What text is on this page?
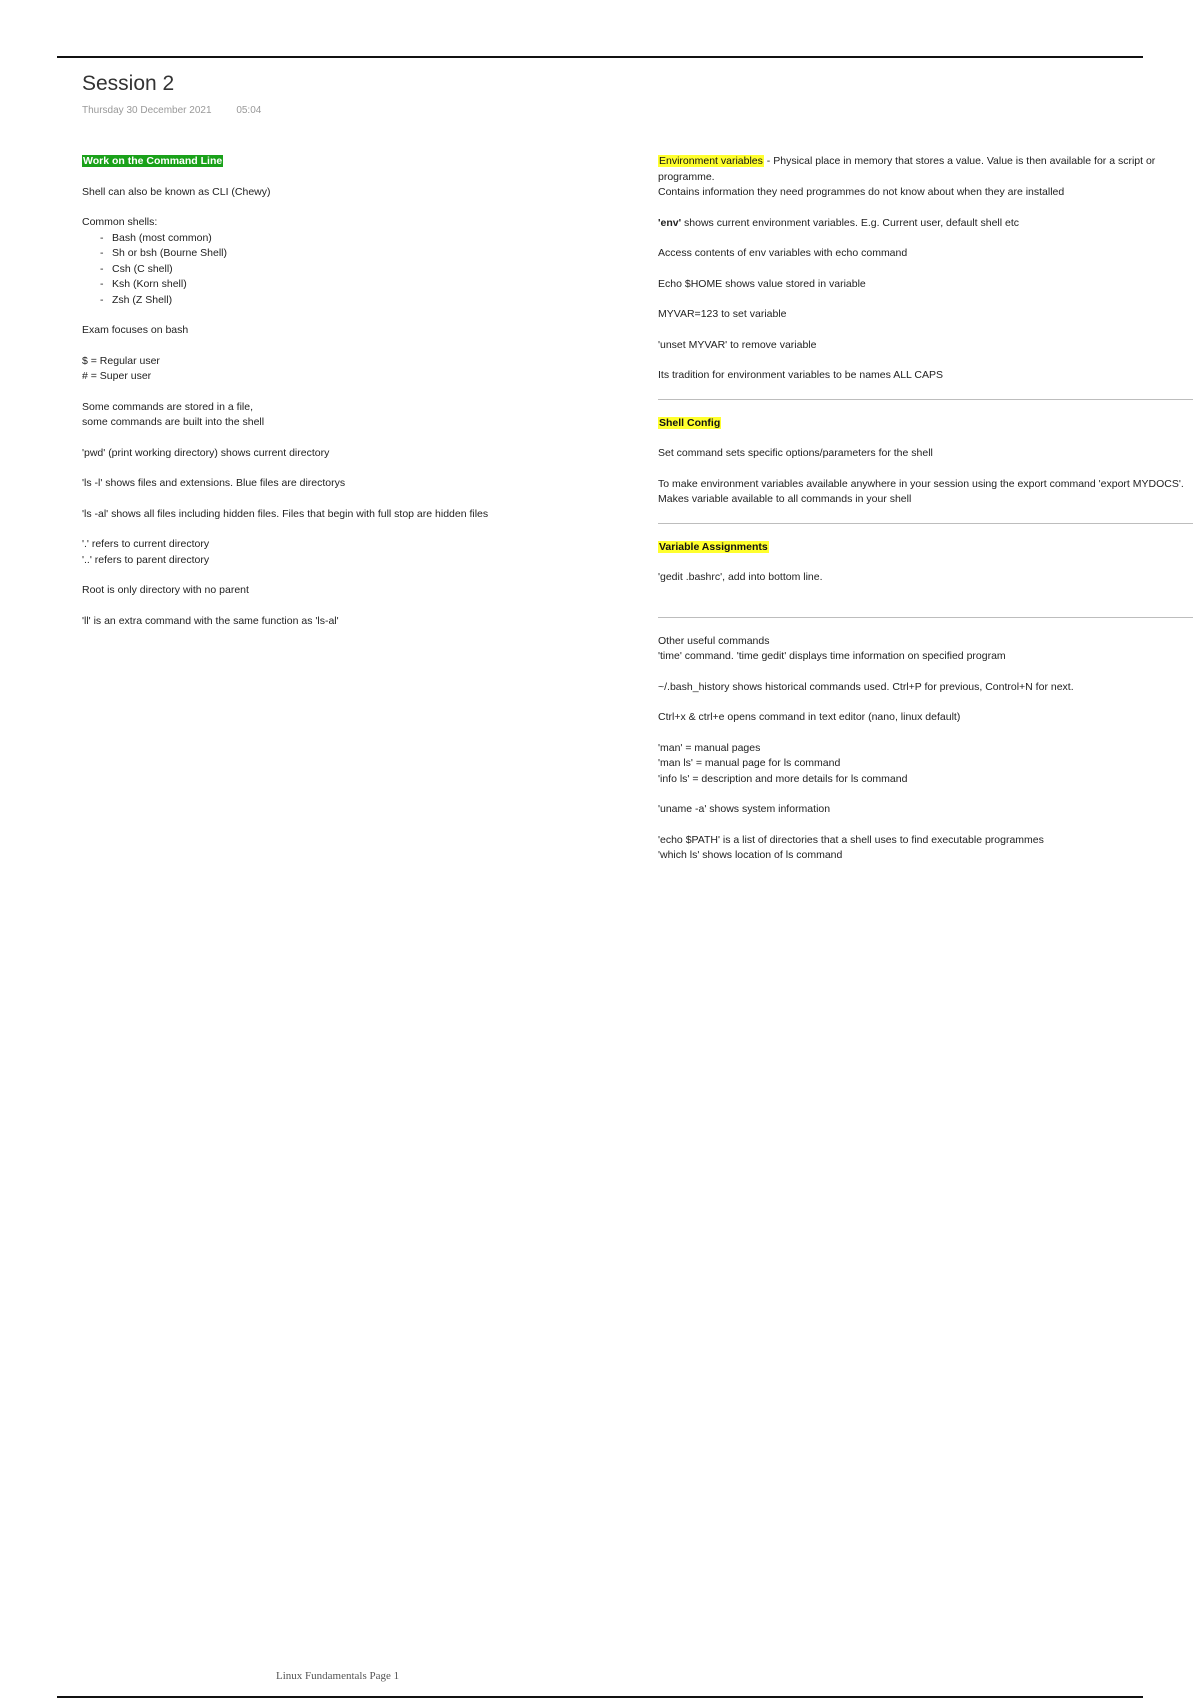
Session 2
Thursday 30 December 2021 05:04

Work on the Command Line

Shell can also be known as CLI (Chewy)

Common shells:
- Bash (most common)
- Sh or bsh (Bourne Shell)
- Csh (C shell)
- Ksh (Korn shell)
- Zsh (Z Shell)

Exam focuses on bash

$ = Regular user
# = Super user

Some commands are stored in a file,
some commands are built into the shell

'pwd' (print working directory) shows current directory

'ls -l' shows files and extensions. Blue files are directorys

'ls -al' shows all files including hidden files. Files that begin with full stop are hidden files

'.' refers to current directory
'..' refers to parent directory

Root is only directory with no parent

'll' is an extra command with the same function as 'ls-al'

Environment variables - Physical place in memory that stores a value. Value is then available for a script or programme.
Contains information they need programmes do not know about when they are installed

'env' shows current environment variables. E.g. Current user, default shell etc

Access contents of env variables with echo command

Echo $HOME shows value stored in variable

MYVAR=123 to set variable

'unset MYVAR' to remove variable

Its tradition for environment variables to be names ALL CAPS

Shell Config

Set command sets specific options/parameters for the shell

To make environment variables available anywhere in your session using the export command 'export MYDOCS'. Makes variable available to all commands in your shell

Variable Assignments

'gedit .bashrc', add into bottom line.

Other useful commands
'time' command. 'time gedit' displays time information on specified program

~/.bash_history shows historical commands used. Ctrl+P for previous, Control+N for next.

Ctrl+x & ctrl+e opens command in text editor (nano, linux default)

'man' = manual pages
'man ls' = manual page for ls command
'info ls' = description and more details for ls command

'uname -a' shows system information

'echo $PATH' is a list of directories that a shell uses to find executable programmes
'which ls' shows location of ls command

Linux Fundamentals Page 1
